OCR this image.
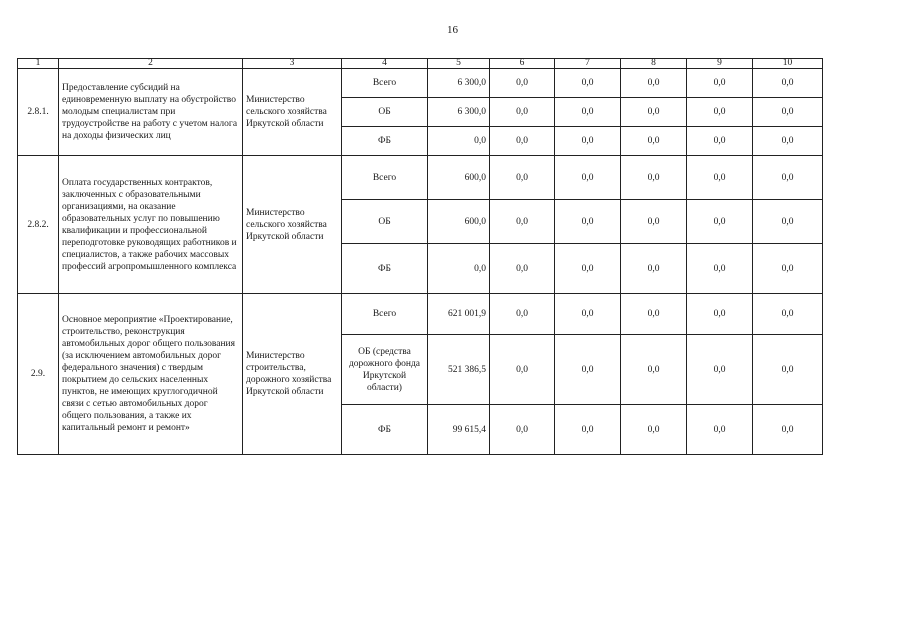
16
1	2	3	4	5	6	7	8	9	10
2.8.1.	Предоставление субсидий на единовременную выплату на обустройство молодым специалистам при трудоустройстве на работу с учетом налога на доходы физических лиц	Министерство сельского хозяйства Иркутской области	Всего	6 300,0	0,0	0,0	0,0	0,0	0,0
			ОБ	6 300,0	0,0	0,0	0,0	0,0	0,0
			ФБ	0,0	0,0	0,0	0,0	0,0	0,0
2.8.2.	Оплата государственных контрактов, заключенных с образовательными организациями, на оказание образовательных услуг по повышению квалификации и профессиональной переподготовке руководящих работников и специалистов, а также рабочих массовых профессий агропромышленного комплекса	Министерство сельского хозяйства Иркутской области	Всего	600,0	0,0	0,0	0,0	0,0	0,0
			ОБ	600,0	0,0	0,0	0,0	0,0	0,0
			ФБ	0,0	0,0	0,0	0,0	0,0	0,0
2.9.	Основное мероприятие «Проектирование, строительство, реконструкция автомобильных дорог общего пользования (за исключением автомобильных дорог федерального значения) с твердым покрытием до сельских населенных пунктов, не имеющих круглогодичной связи с сетью автомобильных дорог общего пользования, а также их капитальный ремонт и ремонт»	Министерство строительства, дорожного хозяйства Иркутской области	Всего	621 001,9	0,0	0,0	0,0	0,0	0,0
			ОБ (средства дорожного фонда Иркутской области)	521 386,5	0,0	0,0	0,0	0,0	0,0
			ФБ	99 615,4	0,0	0,0	0,0	0,0	0,0
